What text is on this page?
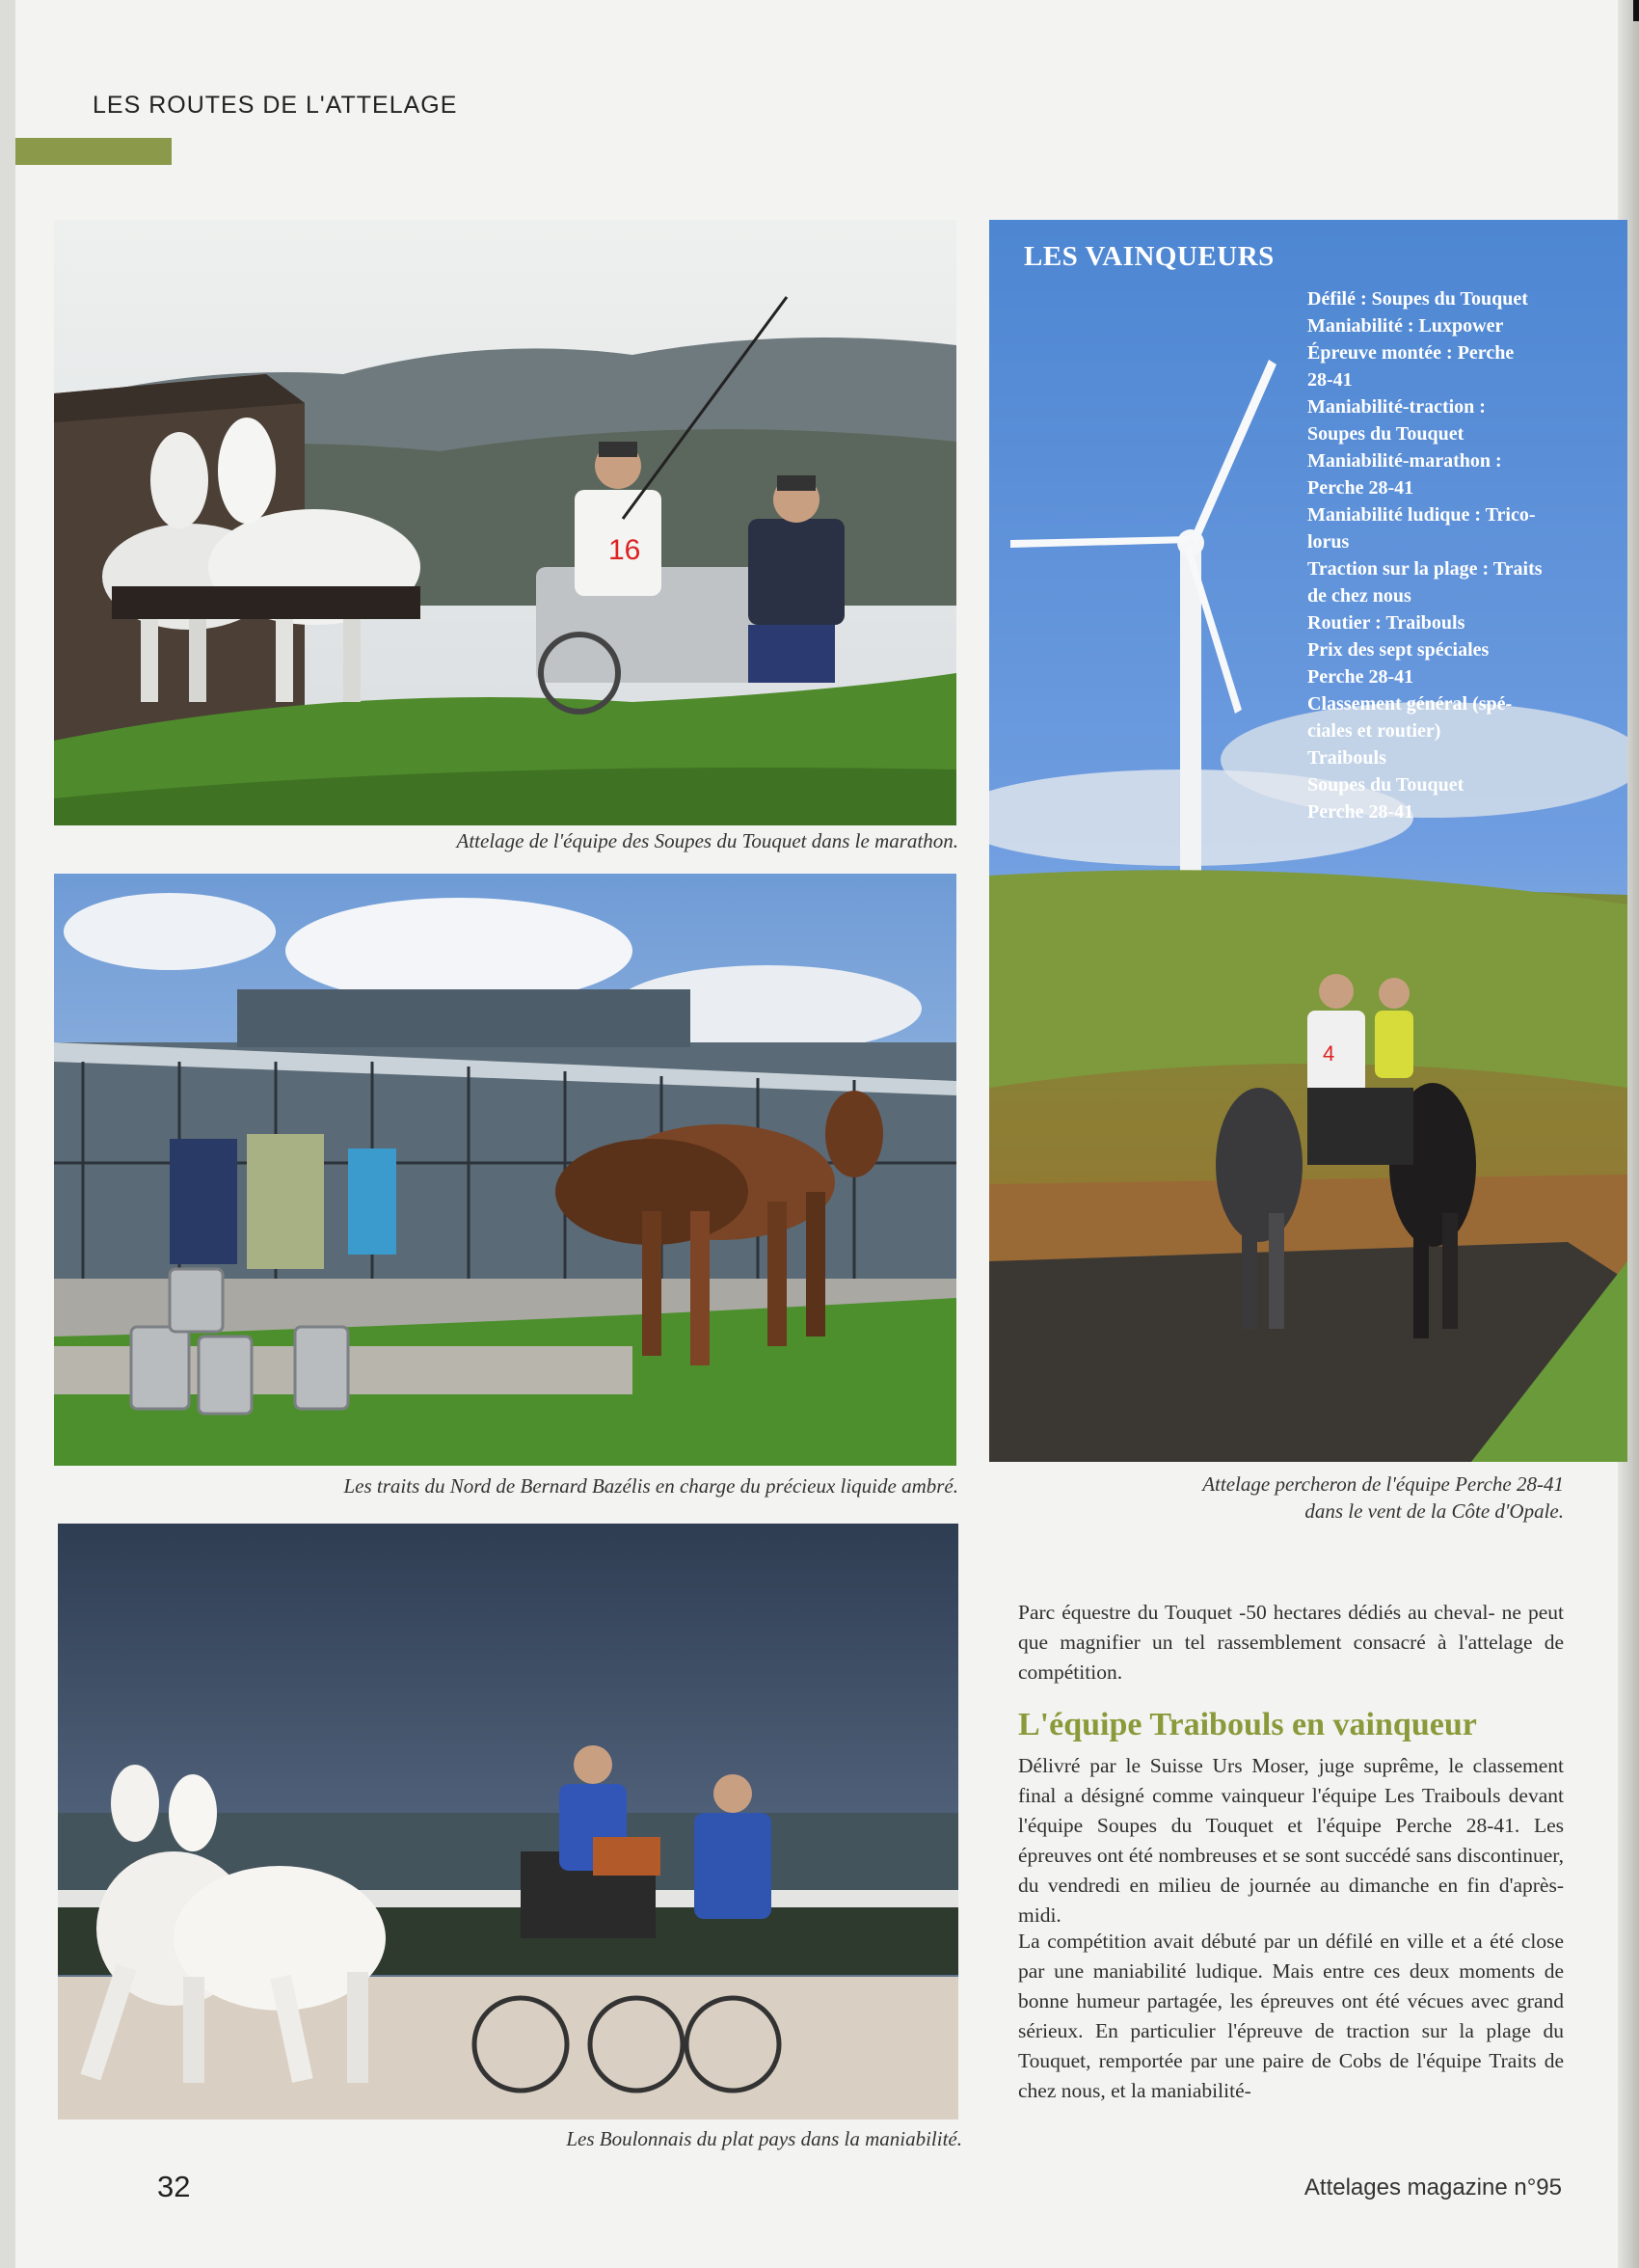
LES ROUTES DE L'ATTELAGE
16
Attelage de l'équipe des Soupes du Touquet dans le marathon.
Les traits du Nord de Bernard Bazélis en charge du précieux liquide ambré.
Les Boulonnais du plat pays dans la maniabilité.
4
LES VAINQUEURS
Défilé : Soupes du Touquet
Maniabilité : Luxpower
Épreuve montée : Perche
28-41
Maniabilité-traction :
Soupes du Touquet
Maniabilité-marathon :
Perche 28-41
Maniabilité ludique : Trico-
lorus
Traction sur la plage : Traits
de chez nous
Routier : Traibouls
Prix des sept spéciales
Perche 28-41
Classement général (spé-
ciales et routier)
Traibouls
Soupes du Touquet
Perche 28-41
Attelage percheron de l'équipe Perche 28-41
dans le vent de la Côte d'Opale.

Parc équestre du Touquet -50 hectares dédiés au cheval- ne peut que magnifier un tel rassemblement consacré à l'attelage de compétition.

L'équipe Traibouls en vainqueur

Délivré par le Suisse Urs Moser, juge suprême, le classement final a désigné comme vainqueur l'équipe Les Traibouls devant l'équipe Soupes du Touquet et l'équipe Perche 28-41. Les épreuves ont été nombreuses et se sont succédé sans discontinuer, du vendredi en milieu de journée au dimanche en fin d'après-midi.

La compétition avait débuté par un défilé en ville et a été close par une maniabilité ludique. Mais entre ces deux moments de bonne humeur partagée, les épreuves ont été vécues avec grand sérieux. En particulier l'épreuve de traction sur la plage du Touquet, remportée par une paire de Cobs de l'équipe Traits de chez nous, et la maniabilité-

32	Attelages magazine n°95
